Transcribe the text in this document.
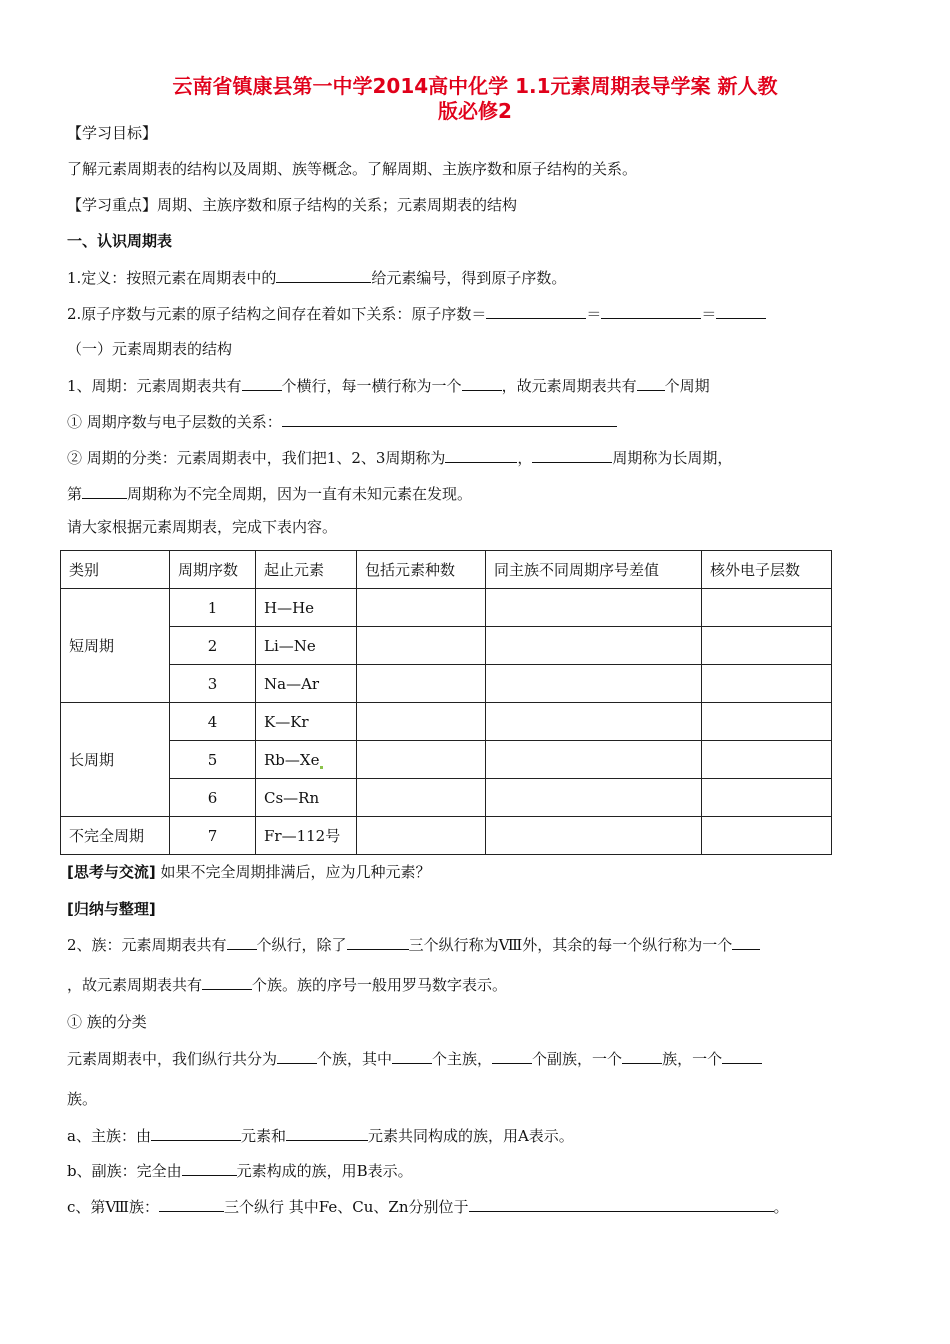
云南省镇康县第一中学2014高中化学 1.1元素周期表导学案 新人教
版必修2
【学习目标】
了解元素周期表的结构以及周期、族等概念。了解周期、主族序数和原子结构的关系。
【学习重点】周期、主族序数和原子结构的关系；元素周期表的结构
一、认识周期表
1.定义：按照元素在周期表中的	给元素编号，得到原子序数。
2.原子序数与元素的原子结构之间存在着如下关系：原子序数＝	＝	＝
（一）元素周期表的结构
1、周期：元素周期表共有	个横行，每一横行称为一个	，故元素周期表共有 个周期
① 周期序数与电子层数的关系：
② 周期的分类：元素周期表中，我们把1、2、3周期称为	，	周期称为长周期，
第	周期称为不完全周期，因为一直有未知元素在发现。
请大家根据元素周期表，完成下表内容。
类别	周期序数	起止元素	包括元素种数	同主族不同周期序号差值	核外电子层数
短周期	1	H—He			
	2	Li—Ne			
	3	Na—Ar			
长周期	4	K—Kr			
	5	Rb—Xe			
	6	Cs—Rn			
不完全周期	7	Fr—112号			
[思考与交流] 如果不完全周期排满后，应为几种元素？
[归纳与整理]
2、族：元素周期表共有 个纵行，除了	三个纵行称为Ⅷ外，其余的每一个纵行称为一个
，故元素周期表共有	个族。族的序号一般用罗马数字表示。
① 族的分类
元素周期表中，我们纵行共分为	个族，其中	个主族，	个副族，一个	族，一个
族。
a、主族：由	元素和	元素共同构成的族，用A表示。
b、副族：完全由	元素构成的族，用B表示。
c、第Ⅷ族：	三个纵行 其中Fe、Cu、Zn分别位于	。
